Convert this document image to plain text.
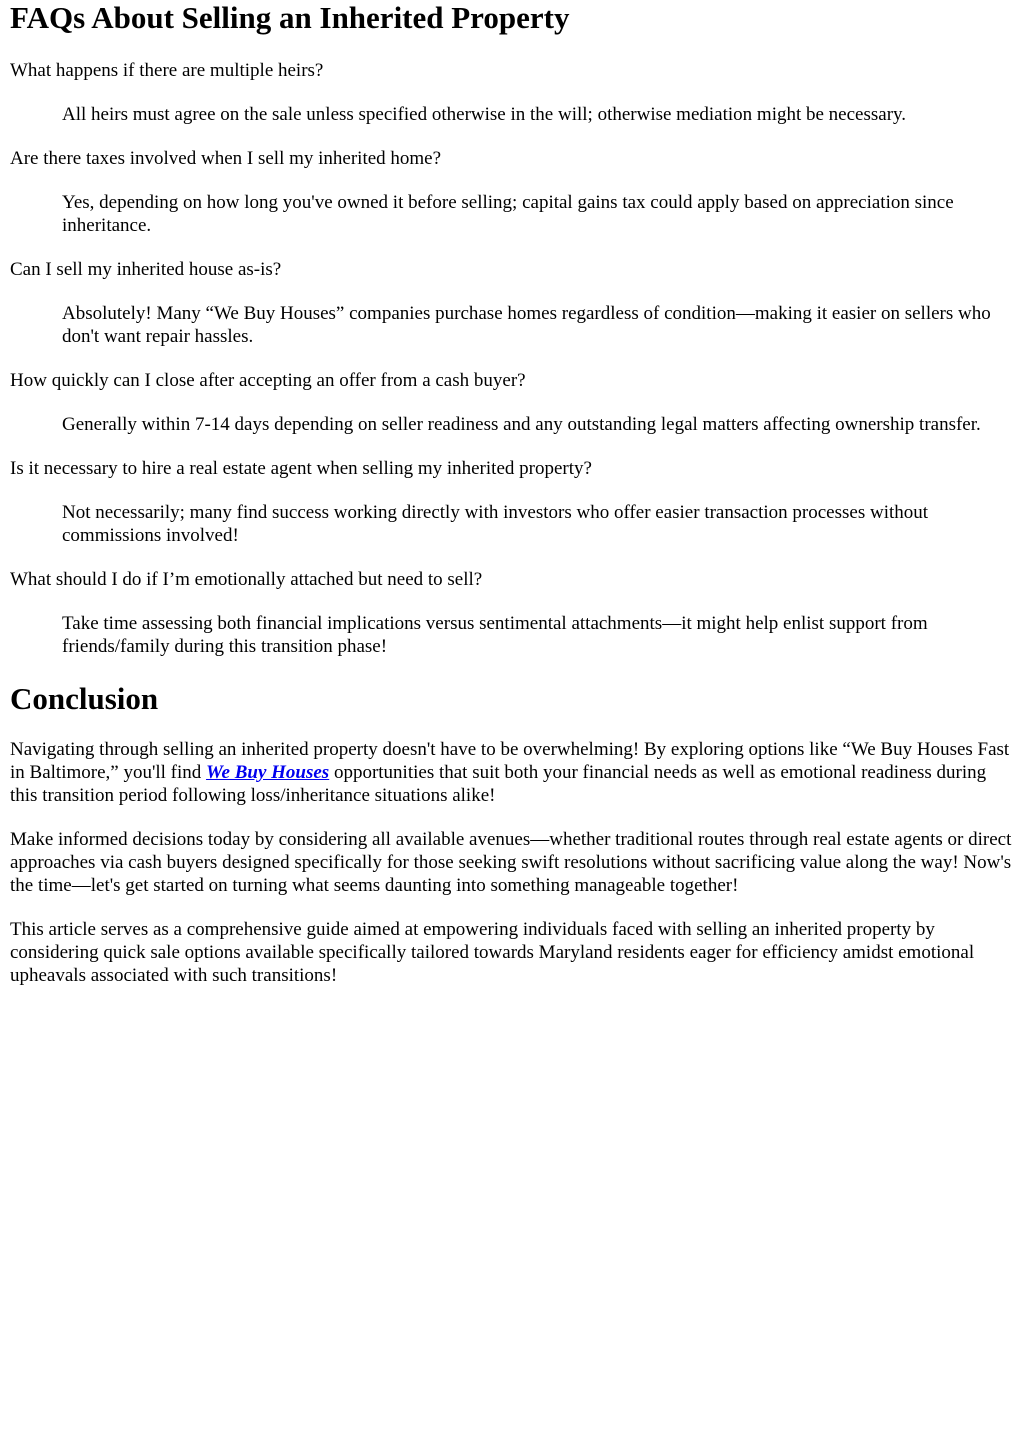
FAQs About Selling an Inherited Property
What happens if there are multiple heirs?
All heirs must agree on the sale unless specified otherwise in the will; otherwise mediation might be necessary.
Are there taxes involved when I sell my inherited home?
Yes, depending on how long you've owned it before selling; capital gains tax could apply based on appreciation since inheritance.
Can I sell my inherited house as-is?
Absolutely! Many “We Buy Houses” companies purchase homes regardless of condition—making it easier on sellers who don't want repair hassles.
How quickly can I close after accepting an offer from a cash buyer?
Generally within 7-14 days depending on seller readiness and any outstanding legal matters affecting ownership transfer.
Is it necessary to hire a real estate agent when selling my inherited property?
Not necessarily; many find success working directly with investors who offer easier transaction processes without commissions involved!
What should I do if I’m emotionally attached but need to sell?
Take time assessing both financial implications versus sentimental attachments—it might help enlist support from friends/family during this transition phase!
Conclusion

Navigating through selling an inherited property doesn't have to be overwhelming! By exploring options like “We Buy Houses Fast in Baltimore,” you'll find We Buy Houses opportunities that suit both your financial needs as well as emotional readiness during this transition period following loss/inheritance situations alike!

Make informed decisions today by considering all available avenues—whether traditional routes through real estate agents or direct approaches via cash buyers designed specifically for those seeking swift resolutions without sacrificing value along the way! Now's the time—let's get started on turning what seems daunting into something manageable together!

This article serves as a comprehensive guide aimed at empowering individuals faced with selling an inherited property by considering quick sale options available specifically tailored towards Maryland residents eager for efficiency amidst emotional upheavals associated with such transitions!
